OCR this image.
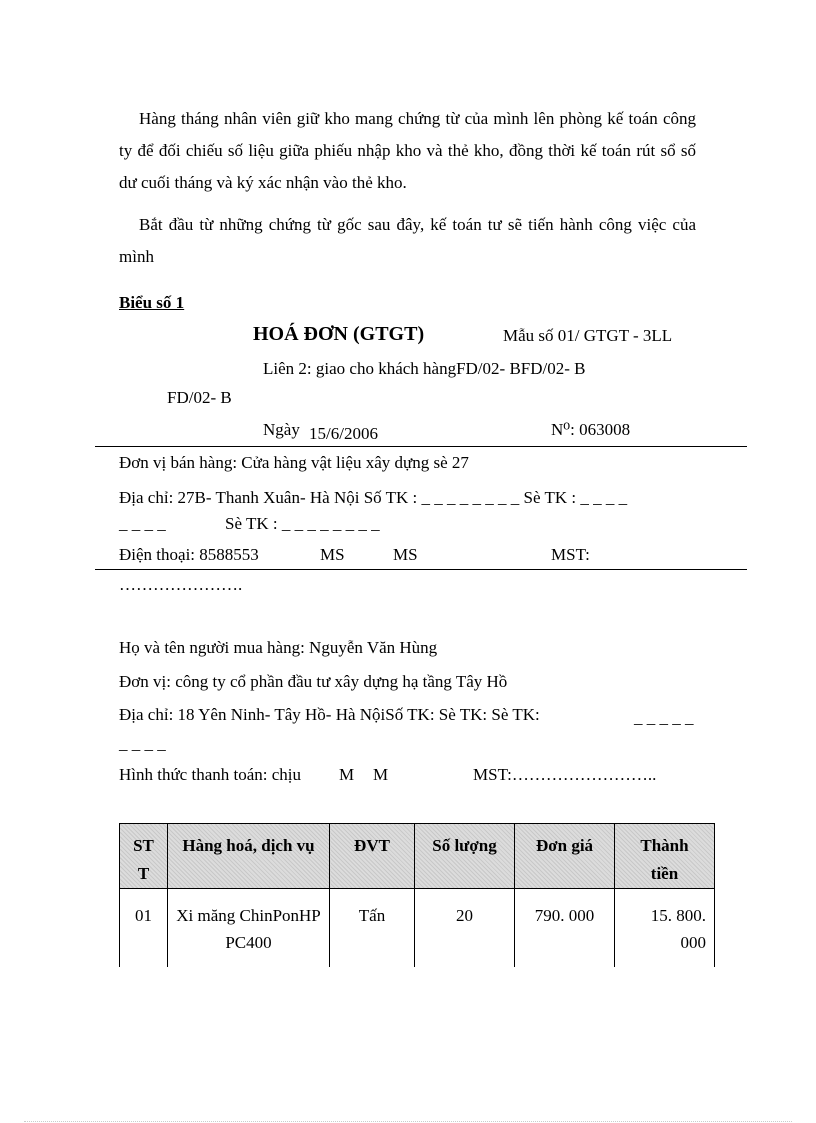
Hàng tháng nhân viên giữ kho mang chứng từ của mình lên phòng kế toán công ty để đối chiếu số liệu giữa phiếu nhập kho và thẻ kho, đồng thời kế toán rút sổ số dư cuối tháng và ký xác nhận vào thẻ kho.
Bắt đầu từ những chứng từ gốc sau đây, kế toán tư sẽ tiến hành công việc của mình
Biểu số 1
HOÁ ĐƠN (GTGT)	Mẫu số 01/ GTGT - 3LL
Liên 2: giao cho khách hàngFD/02- BFD/02- B
FD/02- B
Ngày 15/6/2006	N⁰: 063008
Đơn vị bán hàng: Cửa hàng vật liệu xây dựng sè 27
Địa chỉ: 27B- Thanh Xuân- Hà Nội Số TK : _ _ _ _ _ _ _ _ Sè TK : _ _ _ _
_ _ _ _	Sè TK : _ _ _ _ _ _ _ _
Điện thoại: 8588553	MS	MS	MST:
………………….
Họ và tên người mua hàng: Nguyễn Văn Hùng
Đơn vị: công ty cổ phần đầu tư xây dựng hạ tầng Tây Hồ
Địa chỉ: 18 Yên Ninh- Tây Hồ- Hà NộiSố TK: Sè TK: Sè TK:	_ _ _ _ _
_ _ _ _
Hình thức thanh toán: chịu M M	MST:……………………..
ST T	Hàng hoá, dịch vụ	ĐVT	Số lượng	Đơn giá	Thành tiền
01	Xi măng ChinPonHP PC400	Tấn	20	790. 000	15. 800. 000
